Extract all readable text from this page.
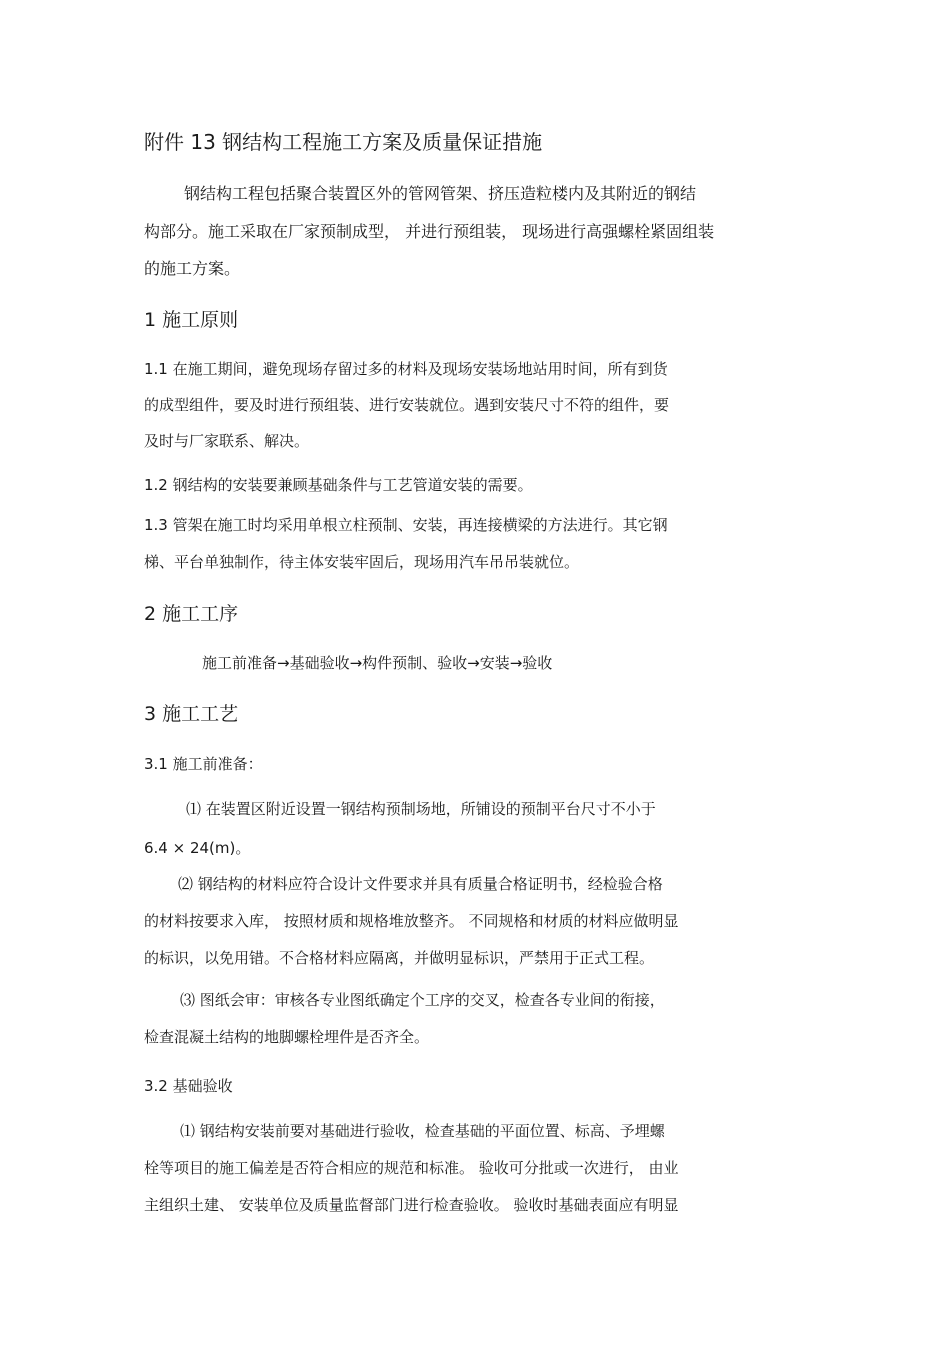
附件 13 钢结构工程施工方案及质量保证措施
钢结构工程包括聚合装置区外的管网管架、挤压造粒楼内及其附近的钢结
构部分。施工采取在厂家预制成型， 并进行预组装， 现场进行高强螺栓紧固组装
的施工方案。
1 施工原则
1.1 在施工期间，避免现场存留过多的材料及现场安装场地站用时间，所有到货
的成型组件，要及时进行预组装、进行安装就位。遇到安装尺寸不符的组件，要
及时与厂家联系、解决。
1.2 钢结构的安装要兼顾基础条件与工艺管道安装的需要。
1.3 管架在施工时均采用单根立柱预制、安装，再连接横梁的方法进行。其它钢
梯、平台单独制作，待主体安装牢固后，现场用汽车吊吊装就位。
2 施工工序
施工前准备→基础验收→构件预制、验收→安装→验收
3 施工工艺
3.1 施工前准备：
⑴ 在装置区附近设置一钢结构预制场地，所铺设的预制平台尺寸不小于
6.4 × 24(m)。
⑵ 钢结构的材料应符合设计文件要求并具有质量合格证明书，经检验合格
的材料按要求入库， 按照材质和规格堆放整齐。 不同规格和材质的材料应做明显
的标识，以免用错。不合格材料应隔离，并做明显标识，严禁用于正式工程。
⑶ 图纸会审：审核各专业图纸确定个工序的交叉，检查各专业间的衔接，
检查混凝土结构的地脚螺栓埋件是否齐全。
3.2 基础验收
⑴ 钢结构安装前要对基础进行验收，检查基础的平面位置、标高、予埋螺
栓等项目的施工偏差是否符合相应的规范和标准。 验收可分批或一次进行， 由业
主组织土建、 安装单位及质量监督部门进行检查验收。 验收时基础表面应有明显
